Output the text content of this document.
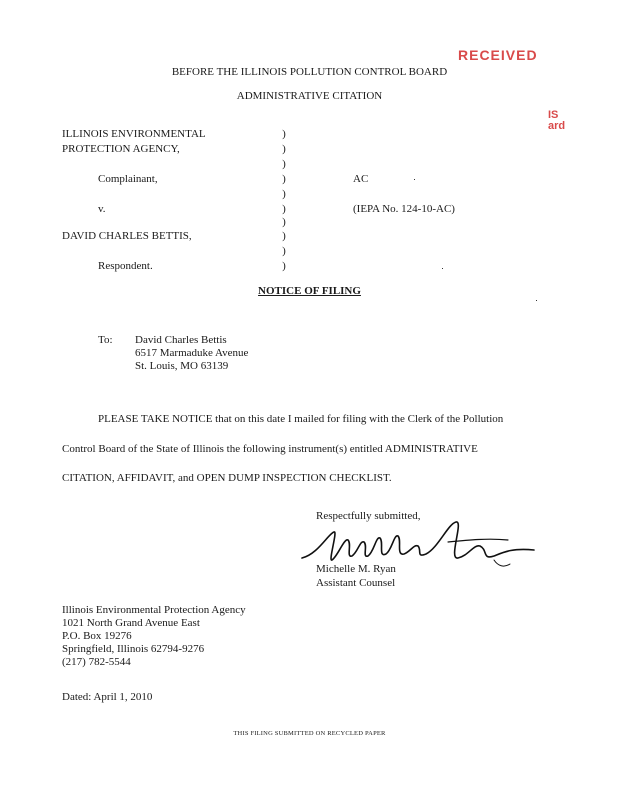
RECEIVED
IS
ard
BEFORE THE ILLINOIS POLLUTION CONTROL BOARD
ADMINISTRATIVE CITATION
ILLINOIS ENVIRONMENTAL
PROTECTION AGENCY,
Complainant,
v.
DAVID CHARLES BETTIS,
Respondent.
)
)
)
)
)
)
)
)
)
)
AC
(IEPA No. 124-10-AC)
NOTICE OF FILING
To: David Charles Bettis
6517 Marmaduke Avenue
St. Louis, MO 63139
PLEASE TAKE NOTICE that on this date I mailed for filing with the Clerk of the Pollution
Control Board of the State of Illinois the following instrument(s) entitled ADMINISTRATIVE
CITATION, AFFIDAVIT, and OPEN DUMP INSPECTION CHECKLIST.
Respectfully submitted,
Michelle M. Ryan
Assistant Counsel
Illinois Environmental Protection Agency
1021 North Grand Avenue East
P.O. Box 19276
Springfield, Illinois 62794-9276
(217) 782-5544
Dated: April 1, 2010
THIS FILING SUBMITTED ON RECYCLED PAPER
